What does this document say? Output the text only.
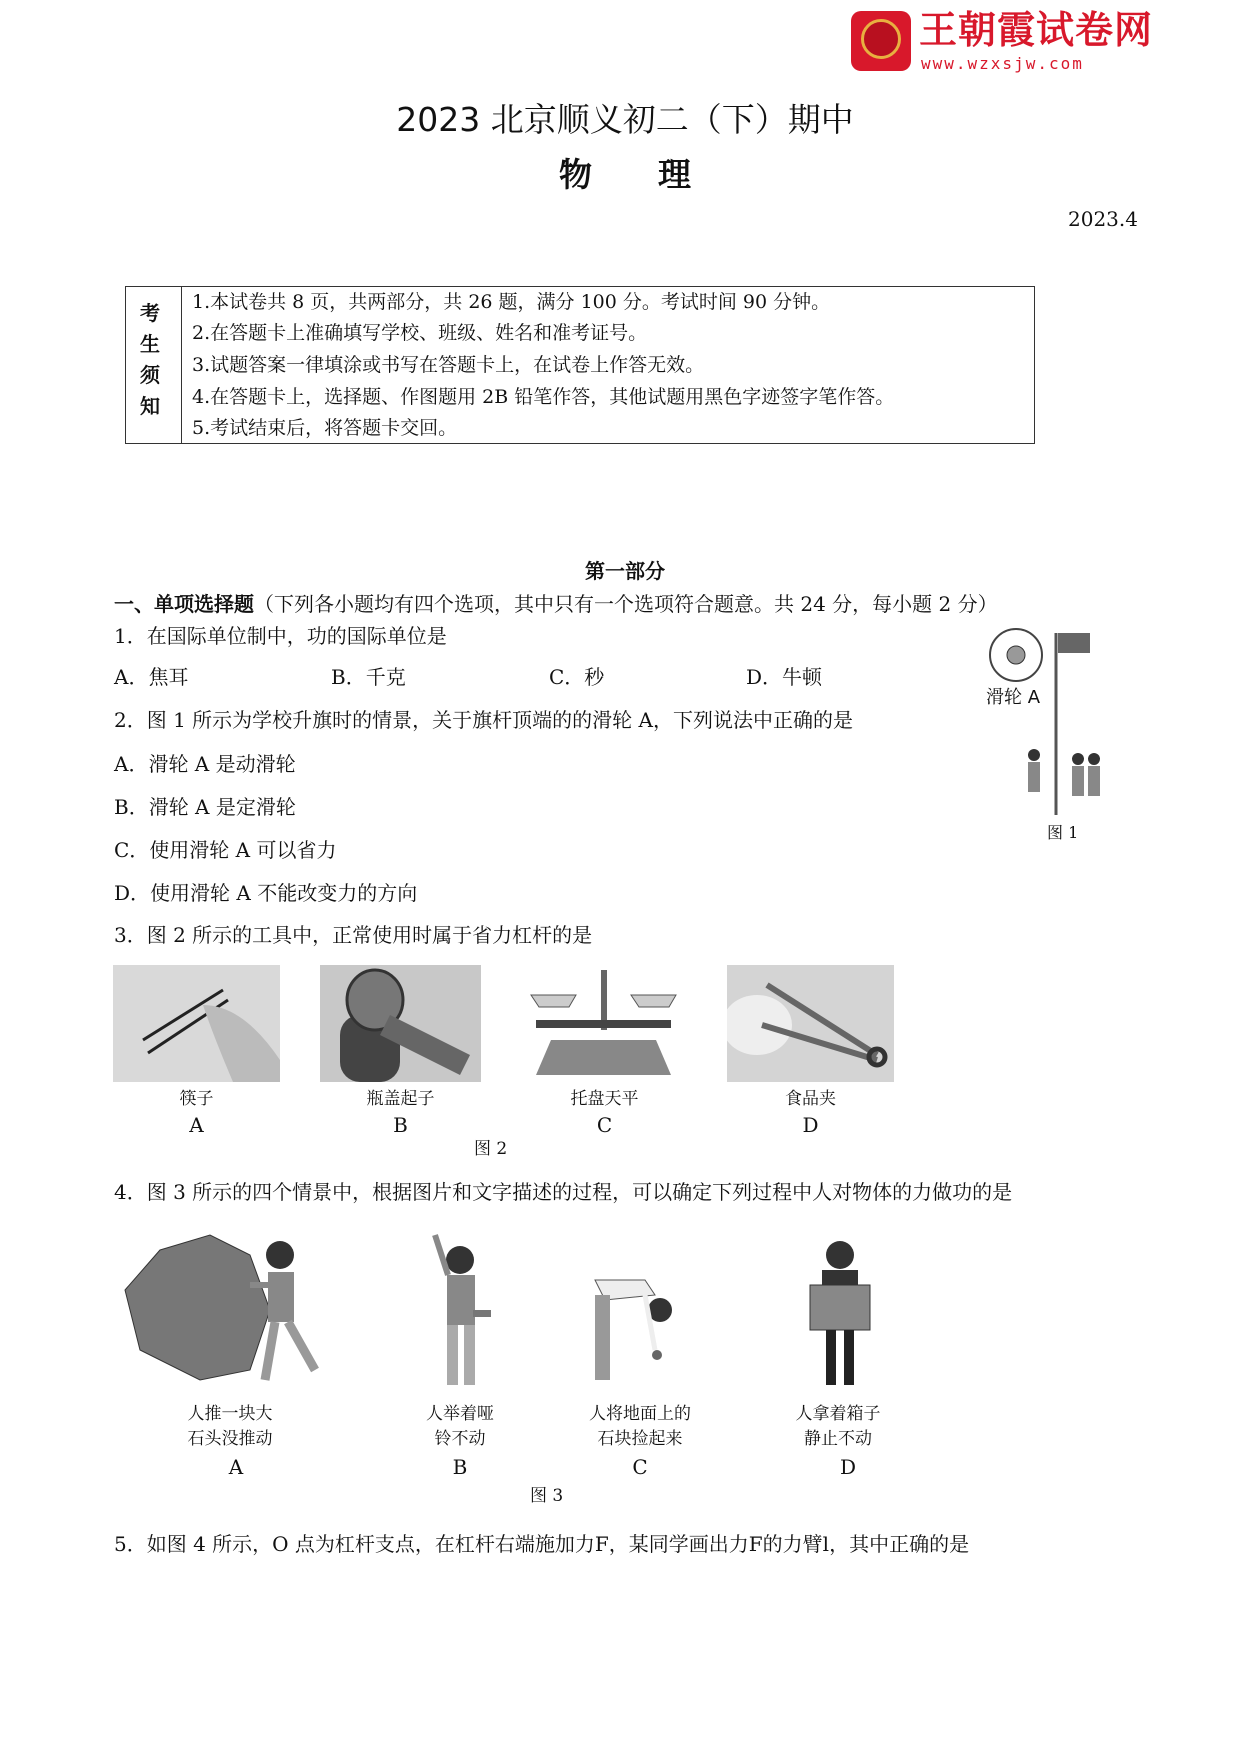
王朝霞试卷网
www.wzxsjw.com
2023 北京顺义初二（下）期中
物　　理
2023.4
考
生
须
知
1.本试卷共 8 页，共两部分，共 26 题，满分 100 分。考试时间 90 分钟。
2.在答题卡上准确填写学校、班级、姓名和准考证号。
3.试题答案一律填涂或书写在答题卡上，在试卷上作答无效。
4.在答题卡上，选择题、作图题用 2B 铅笔作答，其他试题用黑色字迹签字笔作答。
5.考试结束后，将答题卡交回。
第一部分
一、单项选择题（下列各小题均有四个选项，其中只有一个选项符合题意。共 24 分，每小题 2 分）
1．在国际单位制中，功的国际单位是
A．焦耳	B．千克	C．秒	D．牛顿
2．图 1 所示为学校升旗时的情景，关于旗杆顶端的的滑轮 A，下列说法中正确的是
A．滑轮 A 是动滑轮
B．滑轮 A 是定滑轮
C．使用滑轮 A 可以省力
D．使用滑轮 A 不能改变力的方向
滑轮 A
图 1
3．图 2 所示的工具中，正常使用时属于省力杠杆的是
筷子	瓶盖起子	托盘天平	食品夹
A	B	C	D
图 2
4．图 3 所示的四个情景中，根据图片和文字描述的过程，可以确定下列过程中人对物体的力做功的是
人推一块大
石头没推动
人举着哑
铃不动
人将地面上的
石块捡起来
人拿着箱子
静止不动
A	B	C	D
图 3
5．如图 4 所示，O 点为杠杆支点，在杠杆右端施加力F，某同学画出力F的力臂l，其中正确的是
